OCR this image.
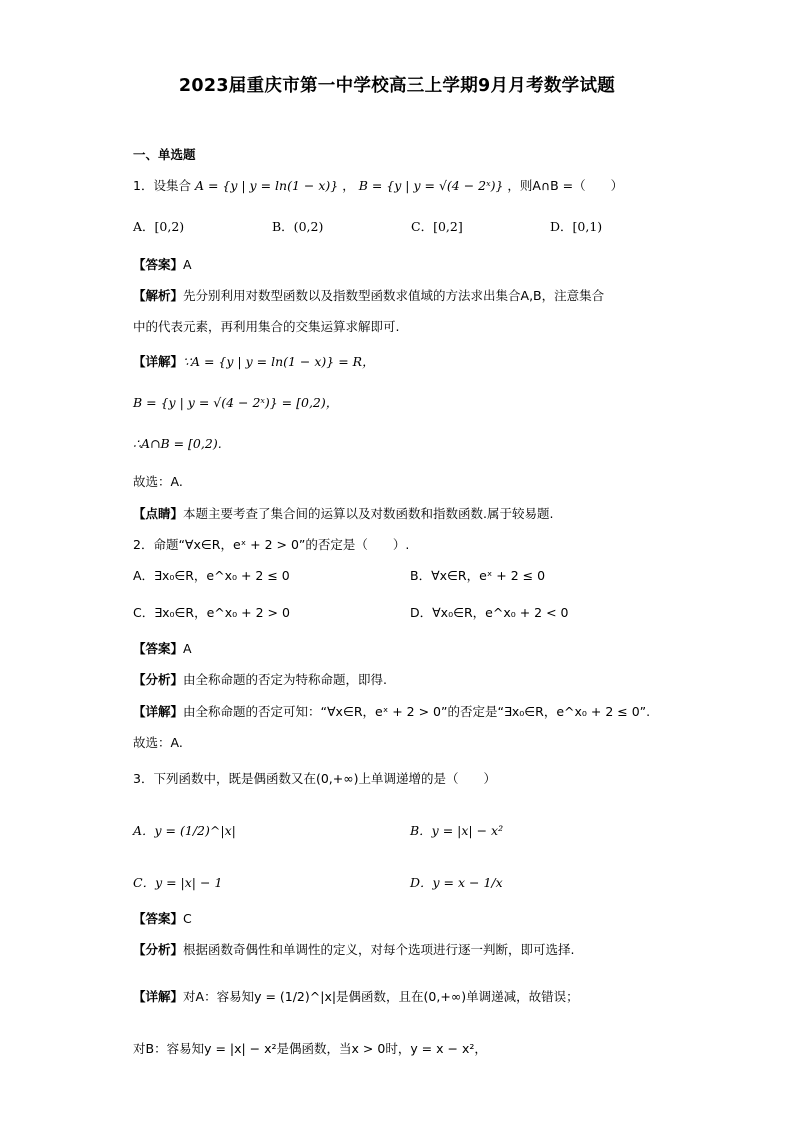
2023届重庆市第一中学校高三上学期9月月考数学试题
一、单选题
1．设集合 A = {y | y = ln(1 − x)} ， B = {y | y = √(4 − 2ˣ)} ，则A∩B =（　　）
A．[0,2)	B．(0,2)	C．[0,2]	D．[0,1)
【答案】A
【解析】先分别利用对数型函数以及指数型函数求值域的方法求出集合A,B，注意集合
中的代表元素，再利用集合的交集运算求解即可.
【详解】∵A = {y | y = ln(1 − x)} = R，
B = {y | y = √(4 − 2ˣ)} = [0,2)，
∴A∩B = [0,2).
故选：A.
【点睛】本题主要考查了集合间的运算以及对数函数和指数函数.属于较易题.
2．命题“∀x∈R，eˣ + 2 > 0”的否定是（　　）.
A．∃x₀∈R，e^x₀ + 2 ≤ 0	B．∀x∈R，eˣ + 2 ≤ 0
C．∃x₀∈R，e^x₀ + 2 > 0	D．∀x₀∈R，e^x₀ + 2 < 0
【答案】A
【分析】由全称命题的否定为特称命题，即得.
【详解】由全称命题的否定可知：“∀x∈R，eˣ + 2 > 0”的否定是“∃x₀∈R，e^x₀ + 2 ≤ 0”.
故选：A.
3．下列函数中，既是偶函数又在(0,+∞)上单调递增的是（　　）
A．y = (1/2)^|x|	B．y = |x| − x²
C．y = |x| − 1	D．y = x − 1/x
【答案】C
【分析】根据函数奇偶性和单调性的定义，对每个选项进行逐一判断，即可选择.
【详解】对A：容易知y = (1/2)^|x|是偶函数，且在(0,+∞)单调递减，故错误；
对B：容易知y = |x| − x²是偶函数，当x > 0时，y = x − x²，
